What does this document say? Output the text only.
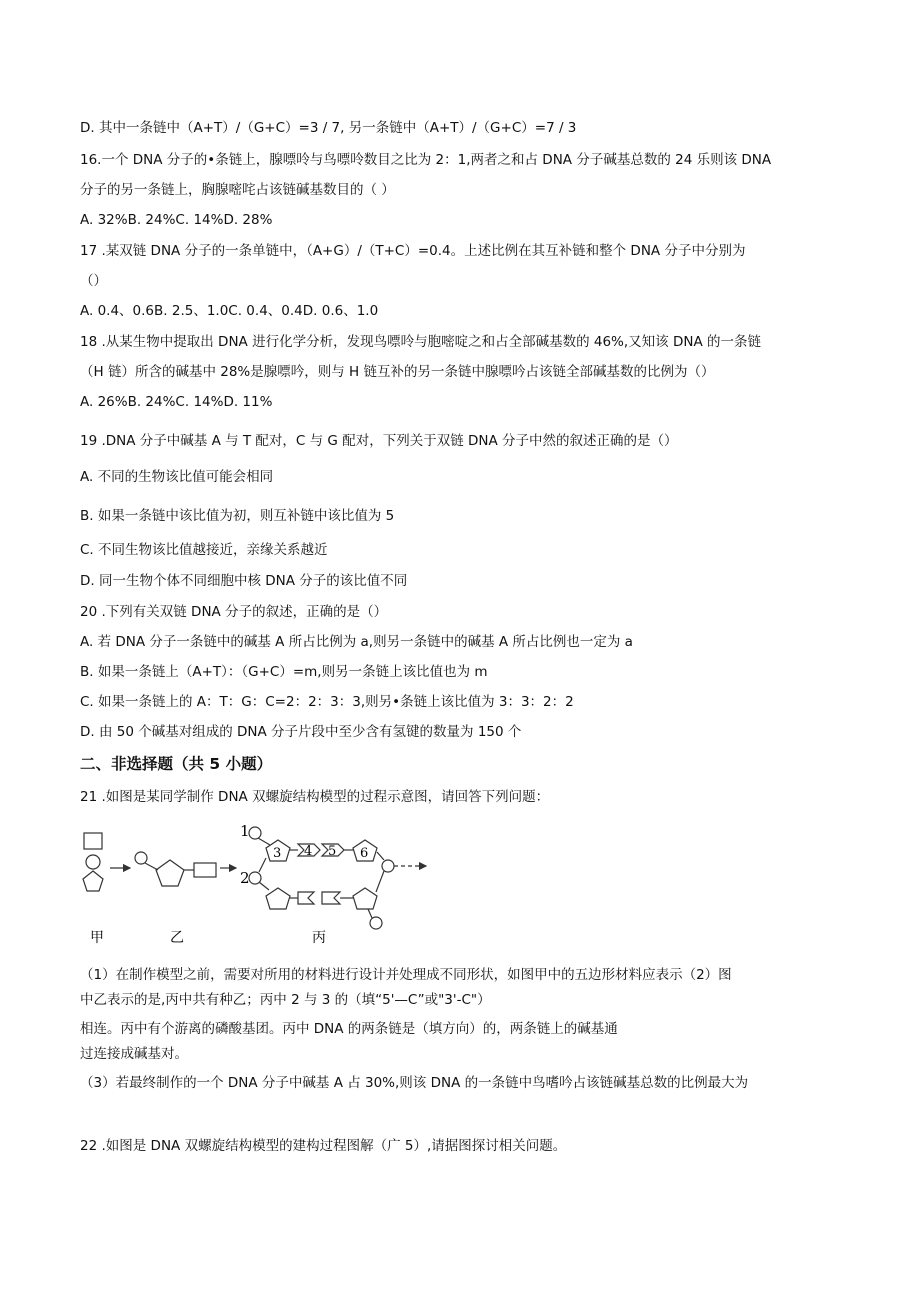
D. 其中一条链中（A+T）/（G+C）=3 / 7, 另一条链中（A+T）/（G+C）=7 / 3
16.一个 DNA 分子的•条链上，腺嘌呤与鸟嘌呤数目之比为 2：1,两者之和占 DNA 分子碱基总数的 24 乐则该 DNA
分子的另一条链上，胸腺嘧咤占该链碱基数目的（ ）
A. 32%B. 24%C. 14%D. 28%
17 .某双链 DNA 分子的一条单链中，（A+G）/（T+C）=0.4。上述比例在其互补链和整个 DNA 分子中分别为
（）
A. 0.4、0.6B. 2.5、1.0C. 0.4、0.4D. 0.6、1.0
18 .从某生物中提取出 DNA 进行化学分析，发现鸟嘌呤与胞嘧啶之和占全部碱基数的 46%,又知该 DNA 的一条链
（H 链）所含的碱基中 28%是腺嘌吟，则与 H 链互补的另一条链中腺嘌吟占该链全部碱基数的比例为（）
A. 26%B. 24%C. 14%D. 11%
19 .DNA 分子中碱基 A 与 T 配对，C 与 G 配对，下列关于双链 DNA 分子中然的叙述正确的是（）
A. 不同的生物该比值可能会相同
B. 如果一条链中该比值为初，则互补链中该比值为 5
C. 不同生物该比值越接近，亲缘关系越近
D. 同一生物个体不同细胞中核 DNA 分子的该比值不同
20 .下列有关双链 DNA 分子的叙述，正确的是（）
A. 若 DNA 分子一条链中的碱基 A 所占比例为 a,则另一条链中的碱基 A 所占比例也一定为 a
B. 如果一条链上（A+T）：（G+C）=m,则另一条链上该比值也为 m
C. 如果一条链上的 A：T：G：C=2：2：3：3,则另•条链上该比值为 3：3：2：2
D. 由 50 个碱基对组成的 DNA 分子片段中至少含有氢键的数量为 150 个
二、非选择题（共 5 小题）
21 .如图是某同学制作 DNA 双螺旋结构模型的过程示意图，请回答下列问题：
1
2
3 4 5 6
甲	乙	丙
（1）在制作模型之前，需要对所用的材料进行设计并处理成不同形状，如图甲中的五边形材料应表示（2）图
中乙表示的是,丙中共有种乙；丙中 2 与 3 的（填“5'—C”或"3'-C"）
相连。丙中有个游离的磷酸基团。丙中 DNA 的两条链是（填方向）的，两条链上的碱基通
过连接成碱基对。
（3）若最终制作的一个 DNA 分子中碱基 A 占 30%,则该 DNA 的一条链中鸟嗜吟占该链碱基总数的比例最大为
22 .如图是 DNA 双螺旋结构模型的建构过程图解（广 5）,请据图探讨相关问题。
